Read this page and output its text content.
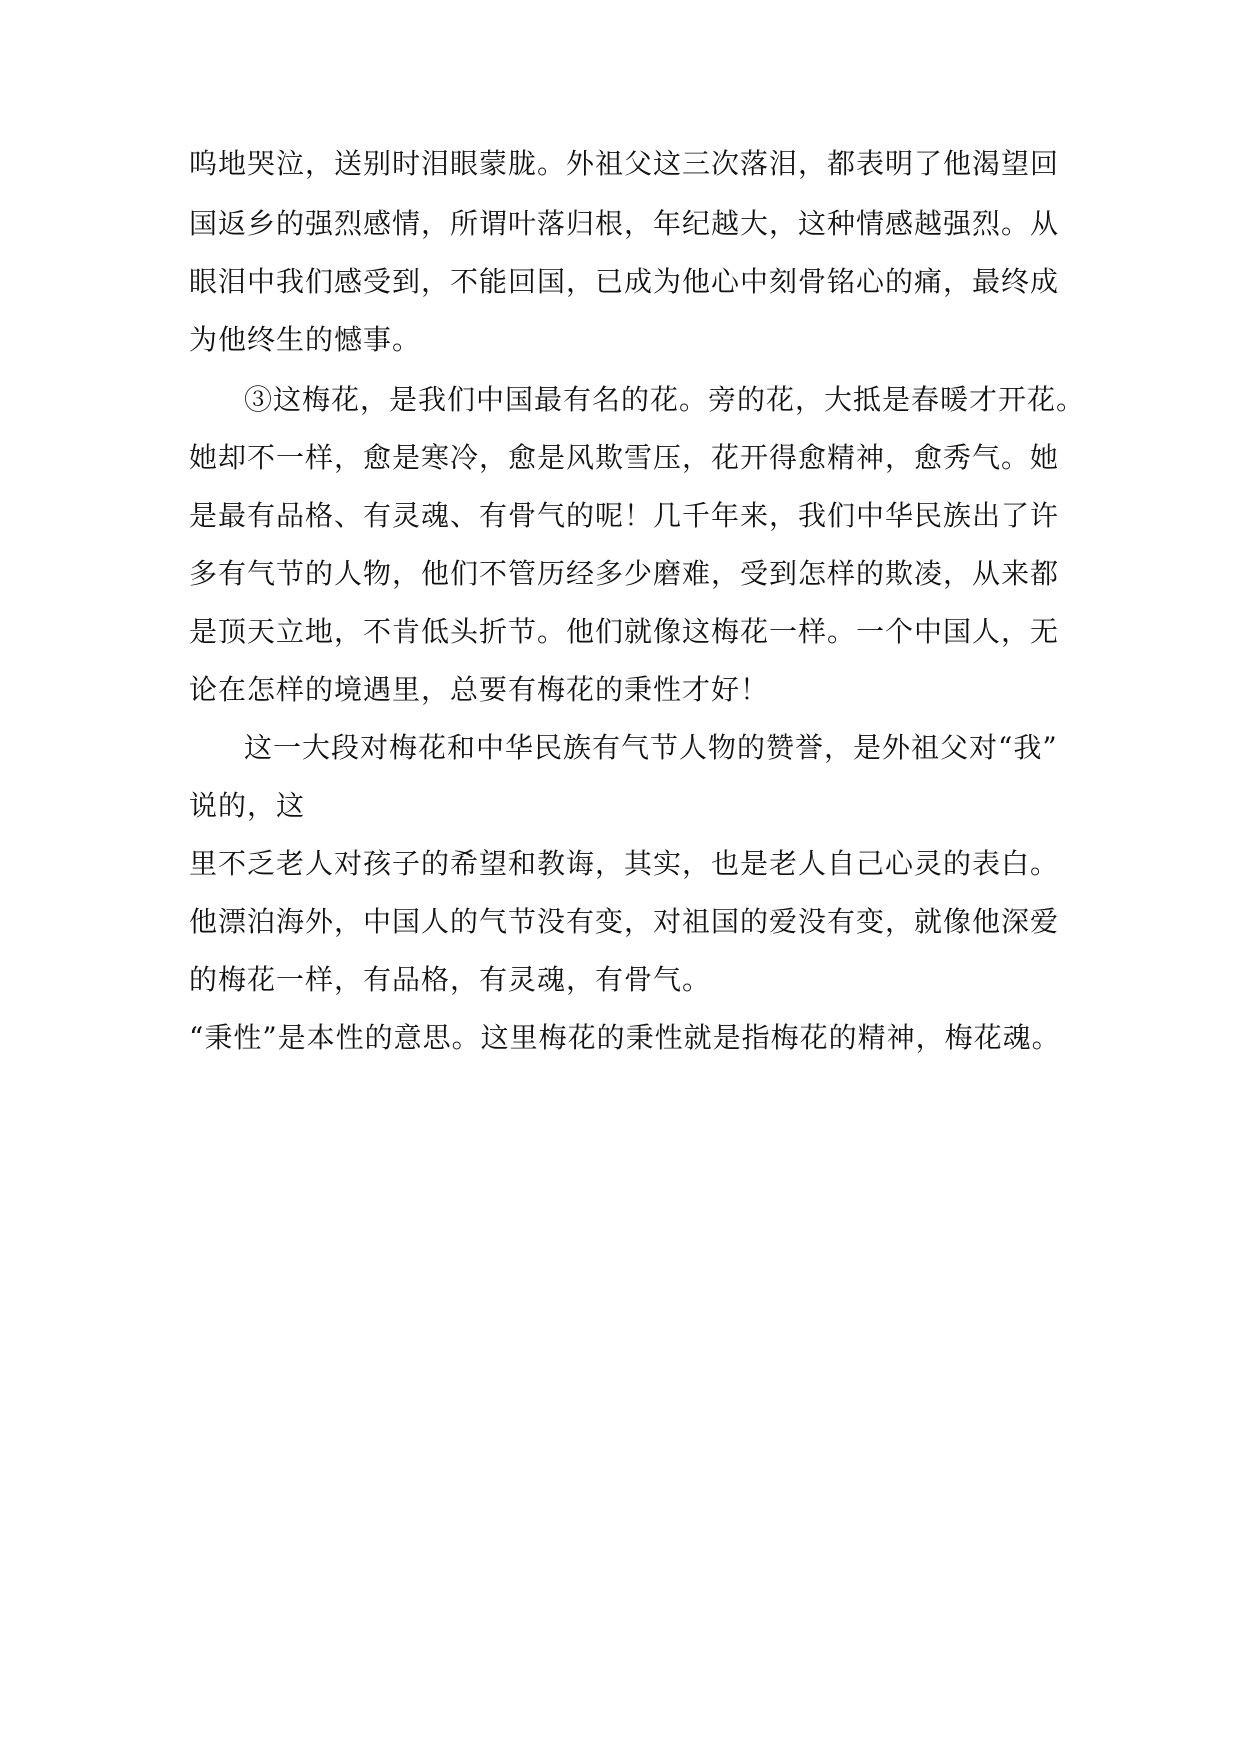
呜地哭泣，送别时泪眼蒙胧。外祖父这三次落泪，都表明了他渴望回
国返乡的强烈感情，所谓叶落归根，年纪越大，这种情感越强烈。从
眼泪中我们感受到，不能回国，已成为他心中刻骨铭心的痛，最终成
为他终生的憾事。
③这梅花，是我们中国最有名的花。旁的花，大抵是春暖才开花。
她却不一样，愈是寒冷，愈是风欺雪压，花开得愈精神，愈秀气。她
是最有品格、有灵魂、有骨气的呢！几千年来，我们中华民族出了许
多有气节的人物，他们不管历经多少磨难，受到怎样的欺凌，从来都
是顶天立地，不肯低头折节。他们就像这梅花一样。一个中国人，无
论在怎样的境遇里，总要有梅花的秉性才好！
这一大段对梅花和中华民族有气节人物的赞誉，是外祖父对“我”
说的，这
里不乏老人对孩子的希望和教诲，其实，也是老人自己心灵的表白。
他漂泊海外，中国人的气节没有变，对祖国的爱没有变，就像他深爱
的梅花一样，有品格，有灵魂，有骨气。
“秉性”是本性的意思。这里梅花的秉性就是指梅花的精神，梅花魂。
